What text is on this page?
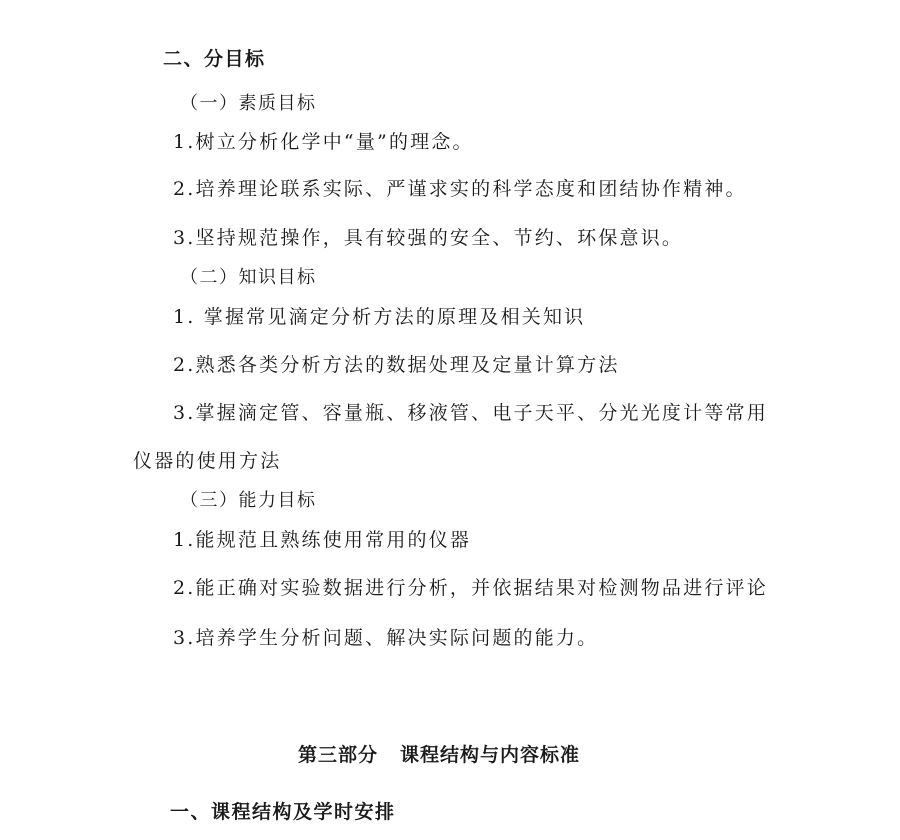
二、分目标
（一）素质目标
1.树立分析化学中“量”的理念。
2.培养理论联系实际、严谨求实的科学态度和团结协作精神。
3.坚持规范操作，具有较强的安全、节约、环保意识。
（二）知识目标
1. 掌握常见滴定分析方法的原理及相关知识
2.熟悉各类分析方法的数据处理及定量计算方法
3.掌握滴定管、容量瓶、移液管、电子天平、分光光度计等常用
仪器的使用方法
（三）能力目标
1.能规范且熟练使用常用的仪器
2.能正确对实验数据进行分析，并依据结果对检测物品进行评论
3.培养学生分析问题、解决实际问题的能力。
第三部分 课程结构与内容标准
一、课程结构及学时安排
